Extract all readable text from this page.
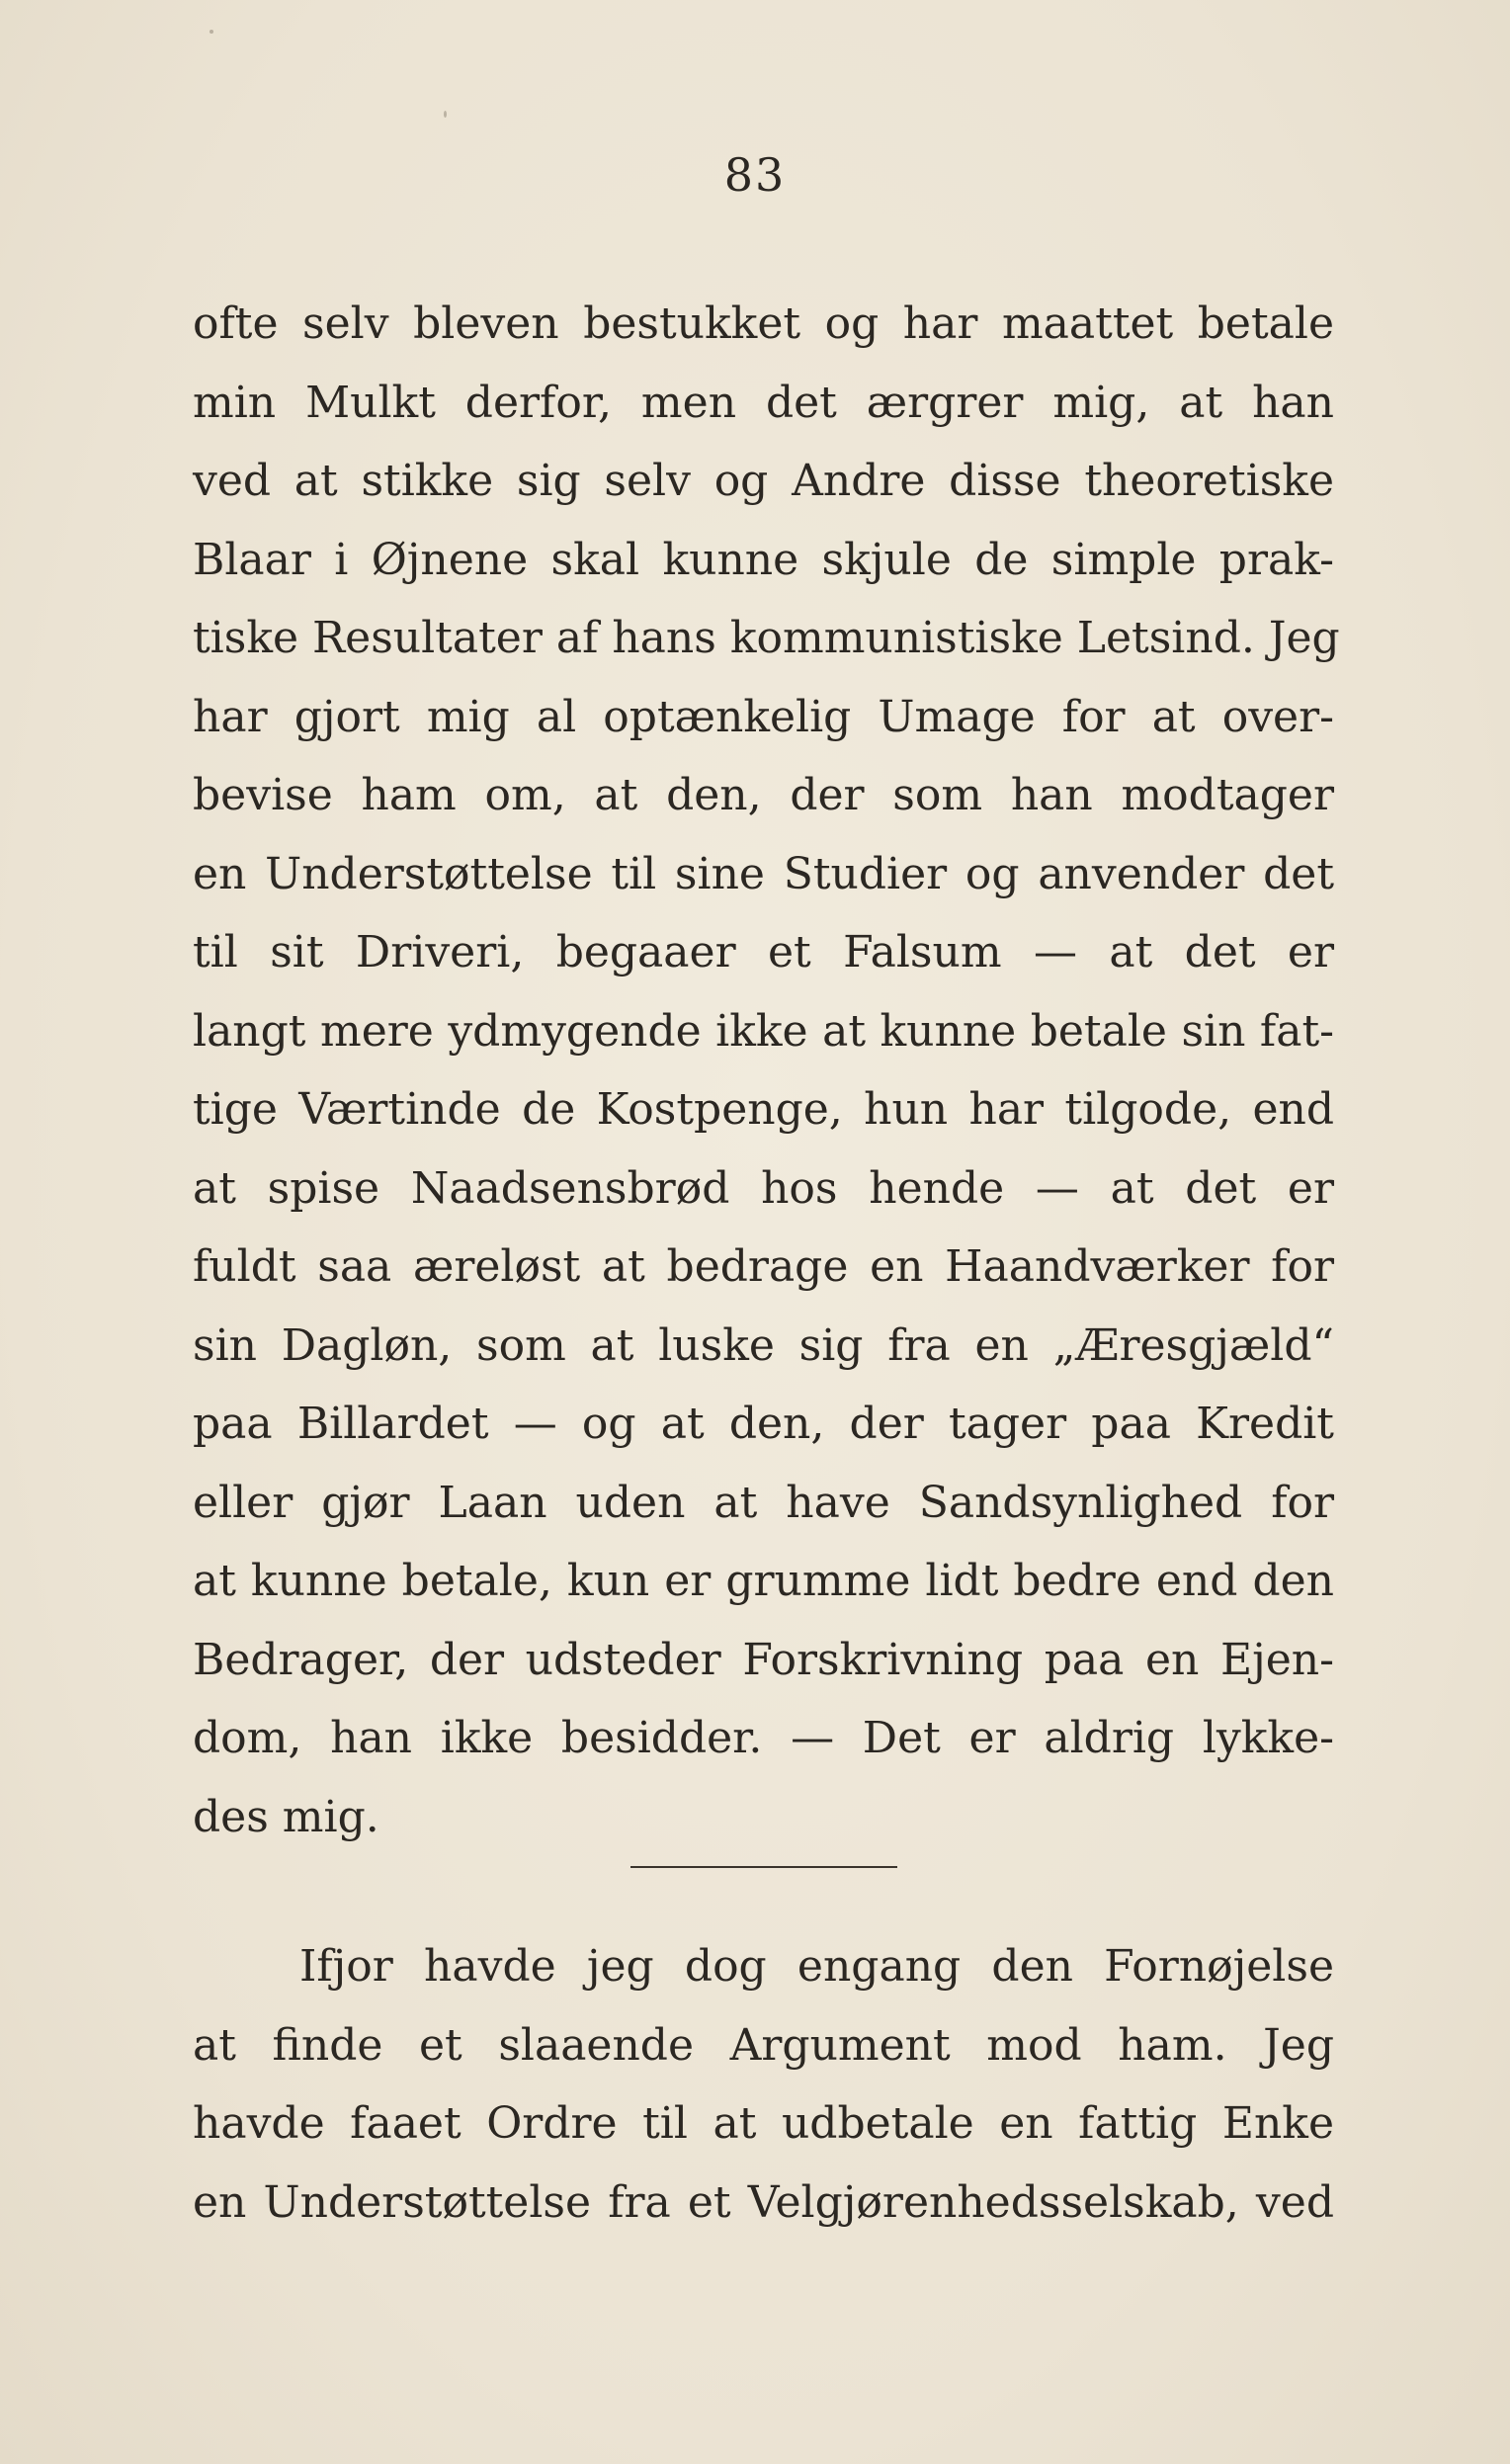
83
ofte selv bleven bestukket og har maattet betale
min Mulkt derfor, men det ærgrer mig, at han
ved at stikke sig selv og Andre disse theoretiske
Blaar i Øjnene skal kunne skjule de simple prak-
tiske Resultater af hans kommunistiske Letsind. Jeg
har gjort mig al optænkelig Umage for at over-
bevise ham om, at den, der som han modtager
en Understøttelse til sine Studier og anvender det
til sit Driveri, begaaer et Falsum — at det er
langt mere ydmygende ikke at kunne betale sin fat-
tige Værtinde de Kostpenge, hun har tilgode, end
at spise Naadsensbrød hos hende — at det er
fuldt saa æreløst at bedrage en Haandværker for
sin Dagløn, som at luske sig fra en „Æresgjæld“
paa Billardet — og at den, der tager paa Kredit
eller gjør Laan uden at have Sandsynlighed for
at kunne betale, kun er grumme lidt bedre end den
Bedrager, der udsteder Forskrivning paa en Ejen-
dom, han ikke besidder. — Det er aldrig lykke-
des mig.
Ifjor havde jeg dog engang den Fornøjelse
at finde et slaaende Argument mod ham. Jeg
havde faaet Ordre til at udbetale en fattig Enke
en Understøttelse fra et Velgjørenhedsselskab, ved
